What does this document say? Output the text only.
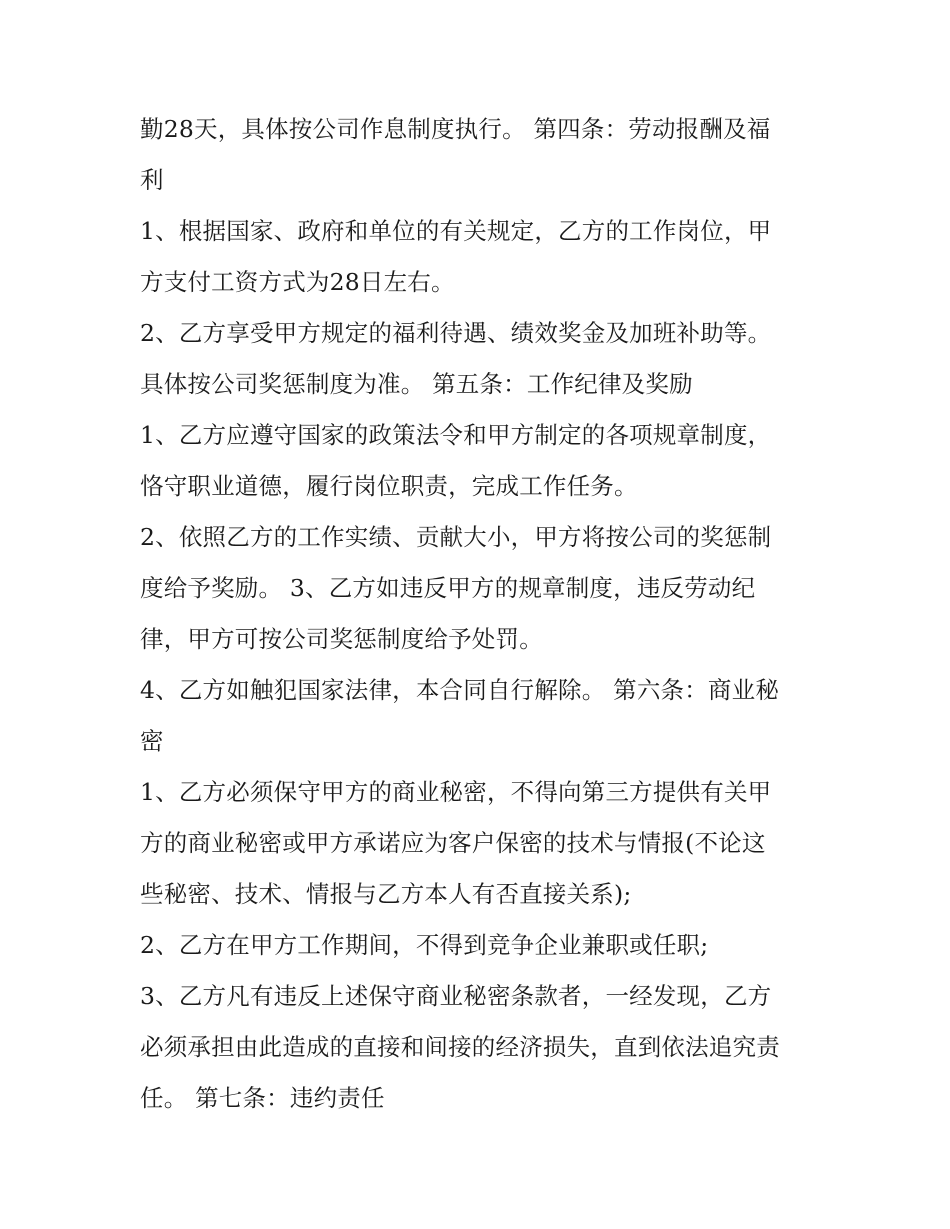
勤28天，具体按公司作息制度执行。 第四条：劳动报酬及福
利
1、根据国家、政府和单位的有关规定，乙方的工作岗位，甲
方支付工资方式为28日左右。
2、乙方享受甲方规定的福利待遇、绩效奖金及加班补助等。
具体按公司奖惩制度为准。 第五条：工作纪律及奖励
1、乙方应遵守国家的政策法令和甲方制定的各项规章制度，
恪守职业道德，履行岗位职责，完成工作任务。
2、依照乙方的工作实绩、贡献大小，甲方将按公司的奖惩制
度给予奖励。 3、乙方如违反甲方的规章制度，违反劳动纪
律，甲方可按公司奖惩制度给予处罚。
4、乙方如触犯国家法律，本合同自行解除。 第六条：商业秘
密
1、乙方必须保守甲方的商业秘密，不得向第三方提供有关甲
方的商业秘密或甲方承诺应为客户保密的技术与情报(不论这
些秘密、技术、情报与乙方本人有否直接关系);
2、乙方在甲方工作期间，不得到竞争企业兼职或任职;
3、乙方凡有违反上述保守商业秘密条款者，一经发现，乙方
必须承担由此造成的直接和间接的经济损失，直到依法追究责
任。 第七条：违约责任
